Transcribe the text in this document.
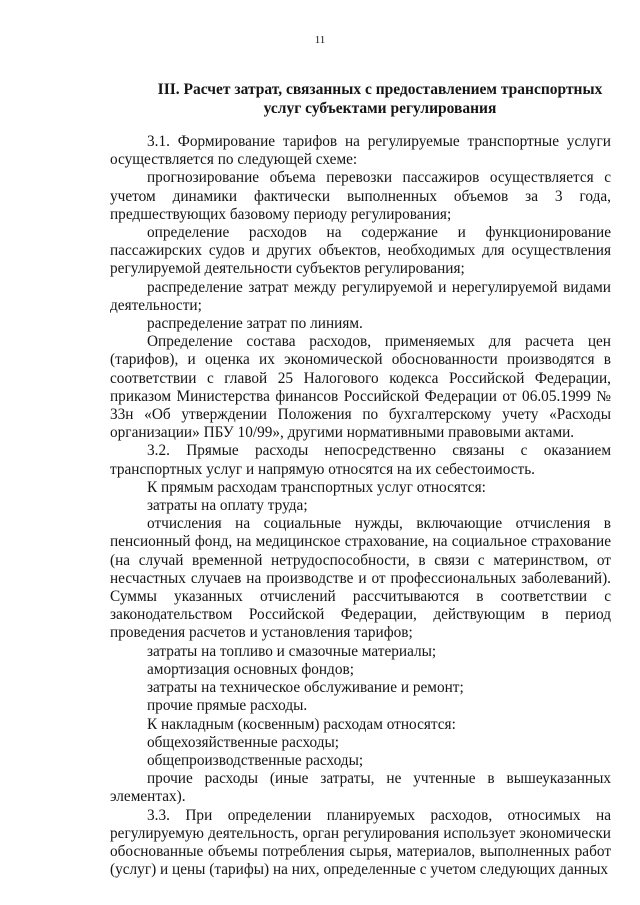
11
III. Расчет затрат, связанных с предоставлением транспортных
услуг субъектами регулирования

3.1. Формирование тарифов на регулируемые транспортные услуги осуществляется по следующей схеме:

прогнозирование объема перевозки пассажиров осуществляется с учетом динамики фактически выполненных объемов за 3 года, предшествующих базовому периоду регулирования;

определение расходов на содержание и функционирование пассажирских судов и других объектов, необходимых для осуществления регулируемой деятельности субъектов регулирования;

распределение затрат между регулируемой и нерегулируемой видами деятельности;

распределение затрат по линиям.

Определение состава расходов, применяемых для расчета цен (тарифов), и оценка их экономической обоснованности производятся в соответствии с главой 25 Налогового кодекса Российской Федерации, приказом Министерства финансов Российской Федерации от 06.05.1999 № 33н «Об утверждении Положения по бухгалтерскому учету «Расходы организации» ПБУ 10/99», другими нормативными правовыми актами.

3.2. Прямые расходы непосредственно связаны с оказанием транспортных услуг и напрямую относятся на их себестоимость.

К прямым расходам транспортных услуг относятся:

затраты на оплату труда;

отчисления на социальные нужды, включающие отчисления в пенсионный фонд, на медицинское страхование, на социальное страхование (на случай временной нетрудоспособности, в связи с материнством, от несчастных случаев на производстве и от профессиональных заболеваний). Суммы указанных отчислений рассчитываются в соответствии с законодательством Российской Федерации, действующим в период проведения расчетов и установления тарифов;

затраты на топливо и смазочные материалы;

амортизация основных фондов;

затраты на техническое обслуживание и ремонт;

прочие прямые расходы.

К накладным (косвенным) расходам относятся:

общехозяйственные расходы;

общепроизводственные расходы;

прочие расходы (иные затраты, не учтенные в вышеуказанных элементах).

3.3. При определении планируемых расходов, относимых на регулируемую деятельность, орган регулирования использует экономически обоснованные объемы потребления сырья, материалов, выполненных работ (услуг) и цены (тарифы) на них, определенные с учетом следующих данных
